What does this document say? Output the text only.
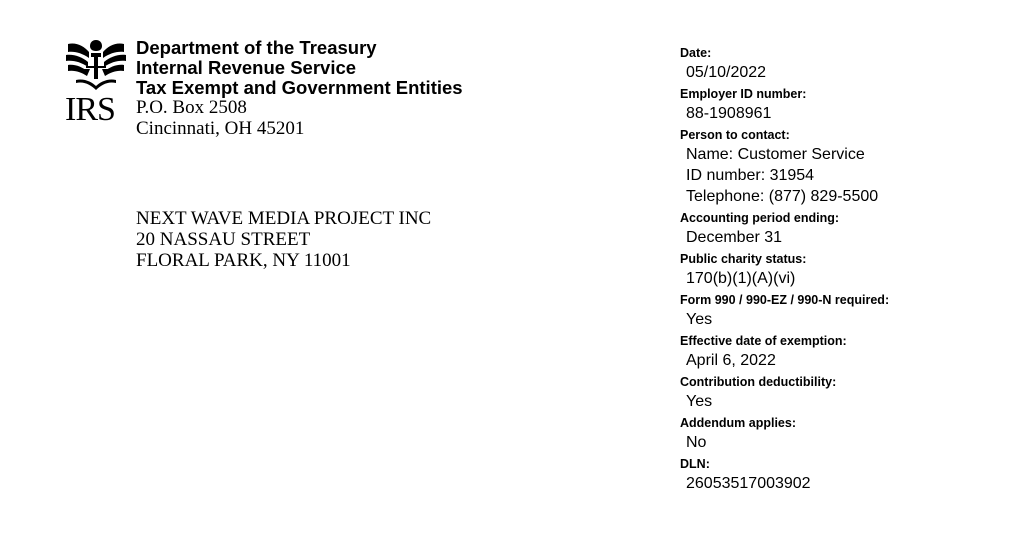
IRS
Department of the Treasury
Internal Revenue Service
Tax Exempt and Government Entities
P.O. Box 2508
Cincinnati, OH 45201
NEXT WAVE MEDIA PROJECT INC
20 NASSAU STREET
FLORAL PARK, NY 11001
Date:
05/10/2022
Employer ID number:
88-1908961
Person to contact:
Name: Customer Service
ID number: 31954
Telephone: (877) 829-5500
Accounting period ending:
December 31
Public charity status:
170(b)(1)(A)(vi)
Form 990 / 990-EZ / 990-N required:
Yes
Effective date of exemption:
April 6, 2022
Contribution deductibility:
Yes
Addendum applies:
No
DLN:
26053517003902
